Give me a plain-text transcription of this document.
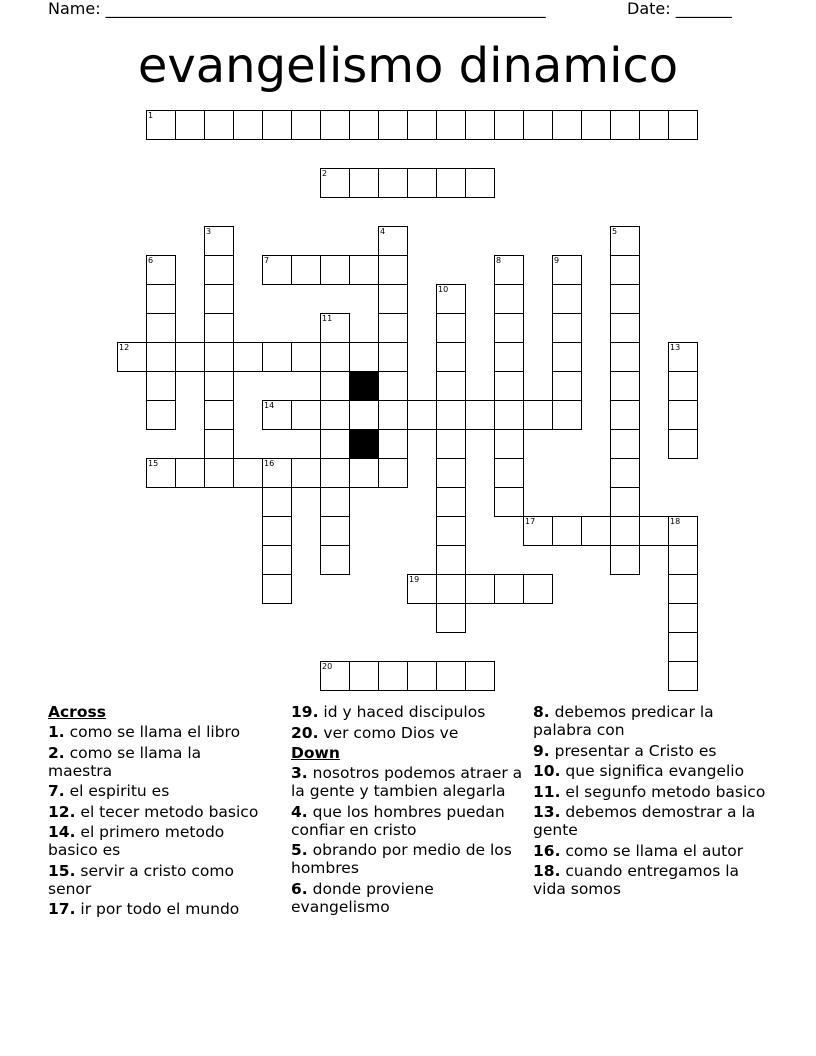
Name: _______________________________________________________	Date: _______
evangelismo dinamico
1
2
7
12
14
15	16
17	18
19
20
3	4	5
6	8	9
10
11
13
Across
1. como se llama el libro
2. como se llama la maestra
7. el espiritu es
12. el tecer metodo basico
14. el primero metodo basico es
15. servir a cristo como senor
17. ir por todo el mundo
19. id y haced discipulos
20. ver como Dios ve
Down
3. nosotros podemos atraer a la gente y tambien alegarla
4. que los hombres puedan confiar en cristo
5. obrando por medio de los hombres
6. donde proviene evangelismo
8. debemos predicar la palabra con
9. presentar a Cristo es
10. que significa evangelio
11. el segunfo metodo basico
13. debemos demostrar a la gente
16. como se llama el autor
18. cuando entregamos la vida somos
